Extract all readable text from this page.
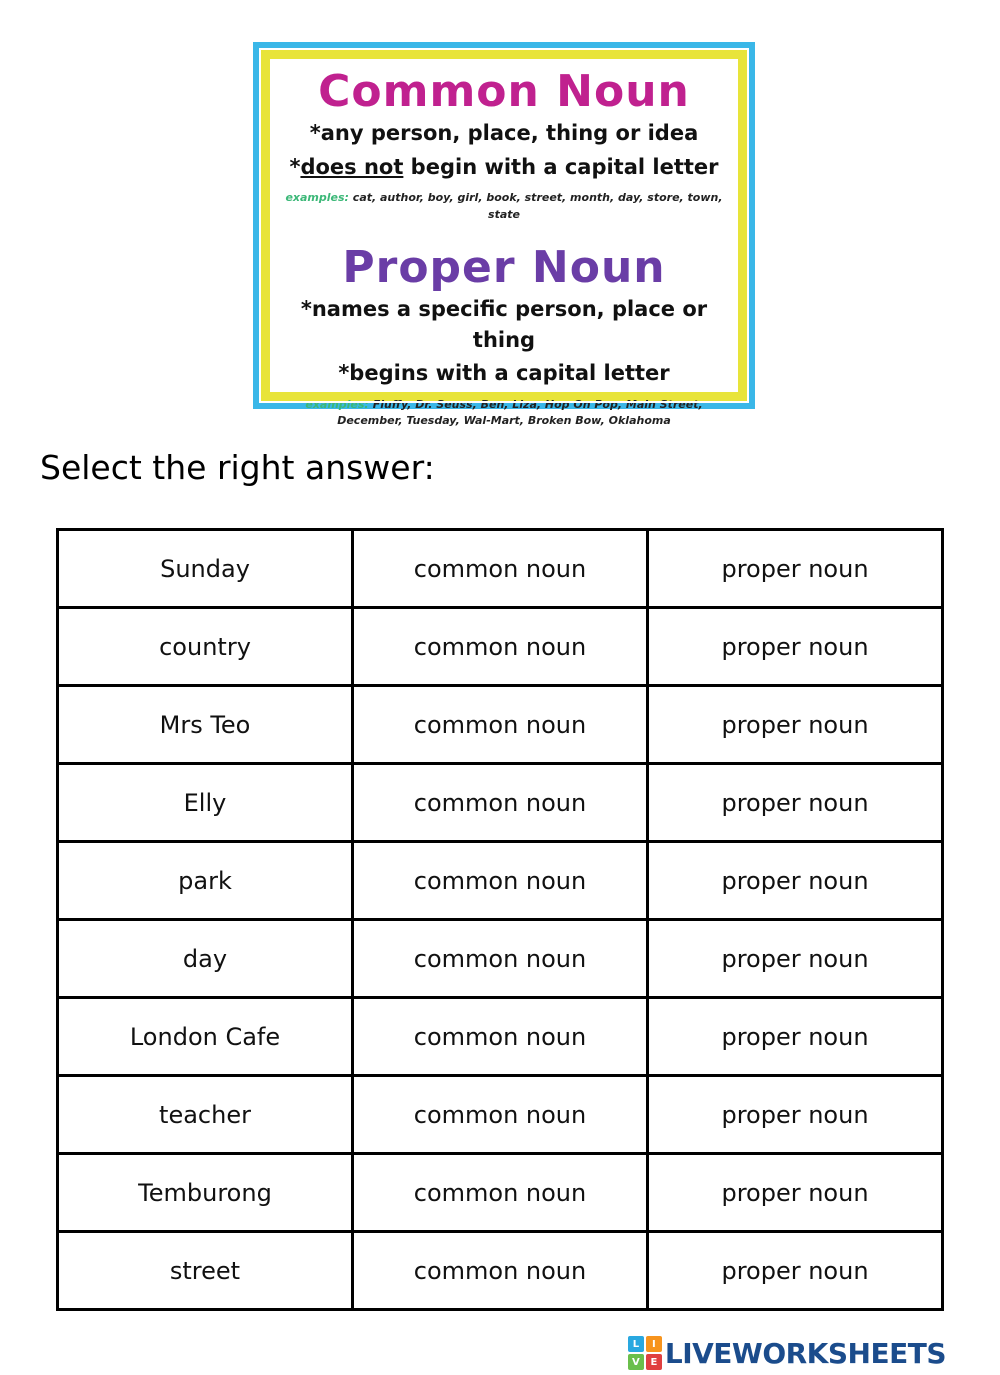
Common Noun
*any person, place, thing or idea
*does not begin with a capital letter
examples: cat, author, boy, girl, book, street, month, day, store, town, state
Proper Noun
*names a specific person, place or thing
*begins with a capital letter
examples: Fluffy, Dr. Seuss, Ben, Liza, Hop On Pop, Main Street, December, Tuesday, Wal-Mart, Broken Bow, Oklahoma
Select the right answer:
Sunday	common noun	proper noun
country	common noun	proper noun
Mrs Teo	common noun	proper noun
Elly	common noun	proper noun
park	common noun	proper noun
day	common noun	proper noun
London Cafe	common noun	proper noun
teacher	common noun	proper noun
Temburong	common noun	proper noun
street	common noun	proper noun
L	I
V	E LIVEWORKSHEETS
